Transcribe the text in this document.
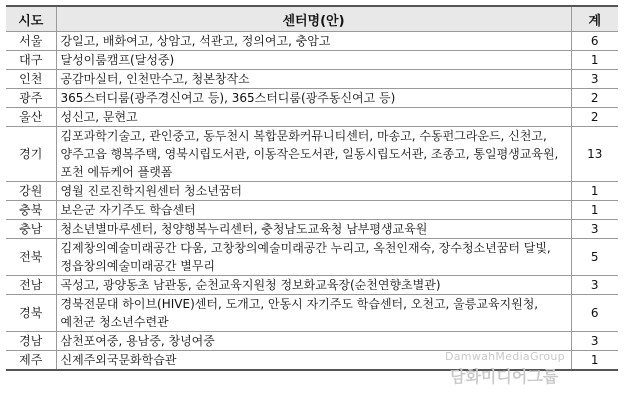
시도	센터명(안)	계
서울	강일고, 배화여고, 상암고, 석관고, 정의여고, 충암고	6
대구	달성이룸캠프(달성중)	1
인천	공감마실터, 인천만수고, 청본창작소	3
광주	365스터디룸(광주경신여고 등), 365스터디룸(광주동신여고 등)	2
울산	성신고, 문현고	2
경기	김포과학기술고, 관인중고, 동두천시 복합문화커뮤니티센터, 마송고, 수동펀그라운드, 신천고, 양주고읍 행복주택, 영북시립도서관, 이동작은도서관, 일동시립도서관, 조종고, 통일평생교육원, 포천 에듀케어 플랫폼	13
강원	영월 진로진학지원센터 청소년꿈터	1
충북	보은군 자기주도 학습센터	1
충남	청소년별마루센터, 청양행복누리센터, 충청남도교육청 남부평생교육원	3
전북	김제창의예술미래공간 다움, 고창창의예술미래공간 누리고, 옥천인재숙, 장수청소년꿈터 달빛, 정읍창의예술미래공간 별무리	5
전남	곡성고, 광양동초 남관동, 순천교육지원청 정보화교육장(순천연향초별관)	3
경북	경북전문대 하이브(HIVE)센터, 도개고, 안동시 자기주도 학습센터, 오천고, 울릉교육지원청, 예천군 청소년수련관	6
경남	삼천포여중, 용남중, 창녕여중	3
제주	신제주외국문화학습관	1
DamwahMediaGroup
담화미디어그룹
